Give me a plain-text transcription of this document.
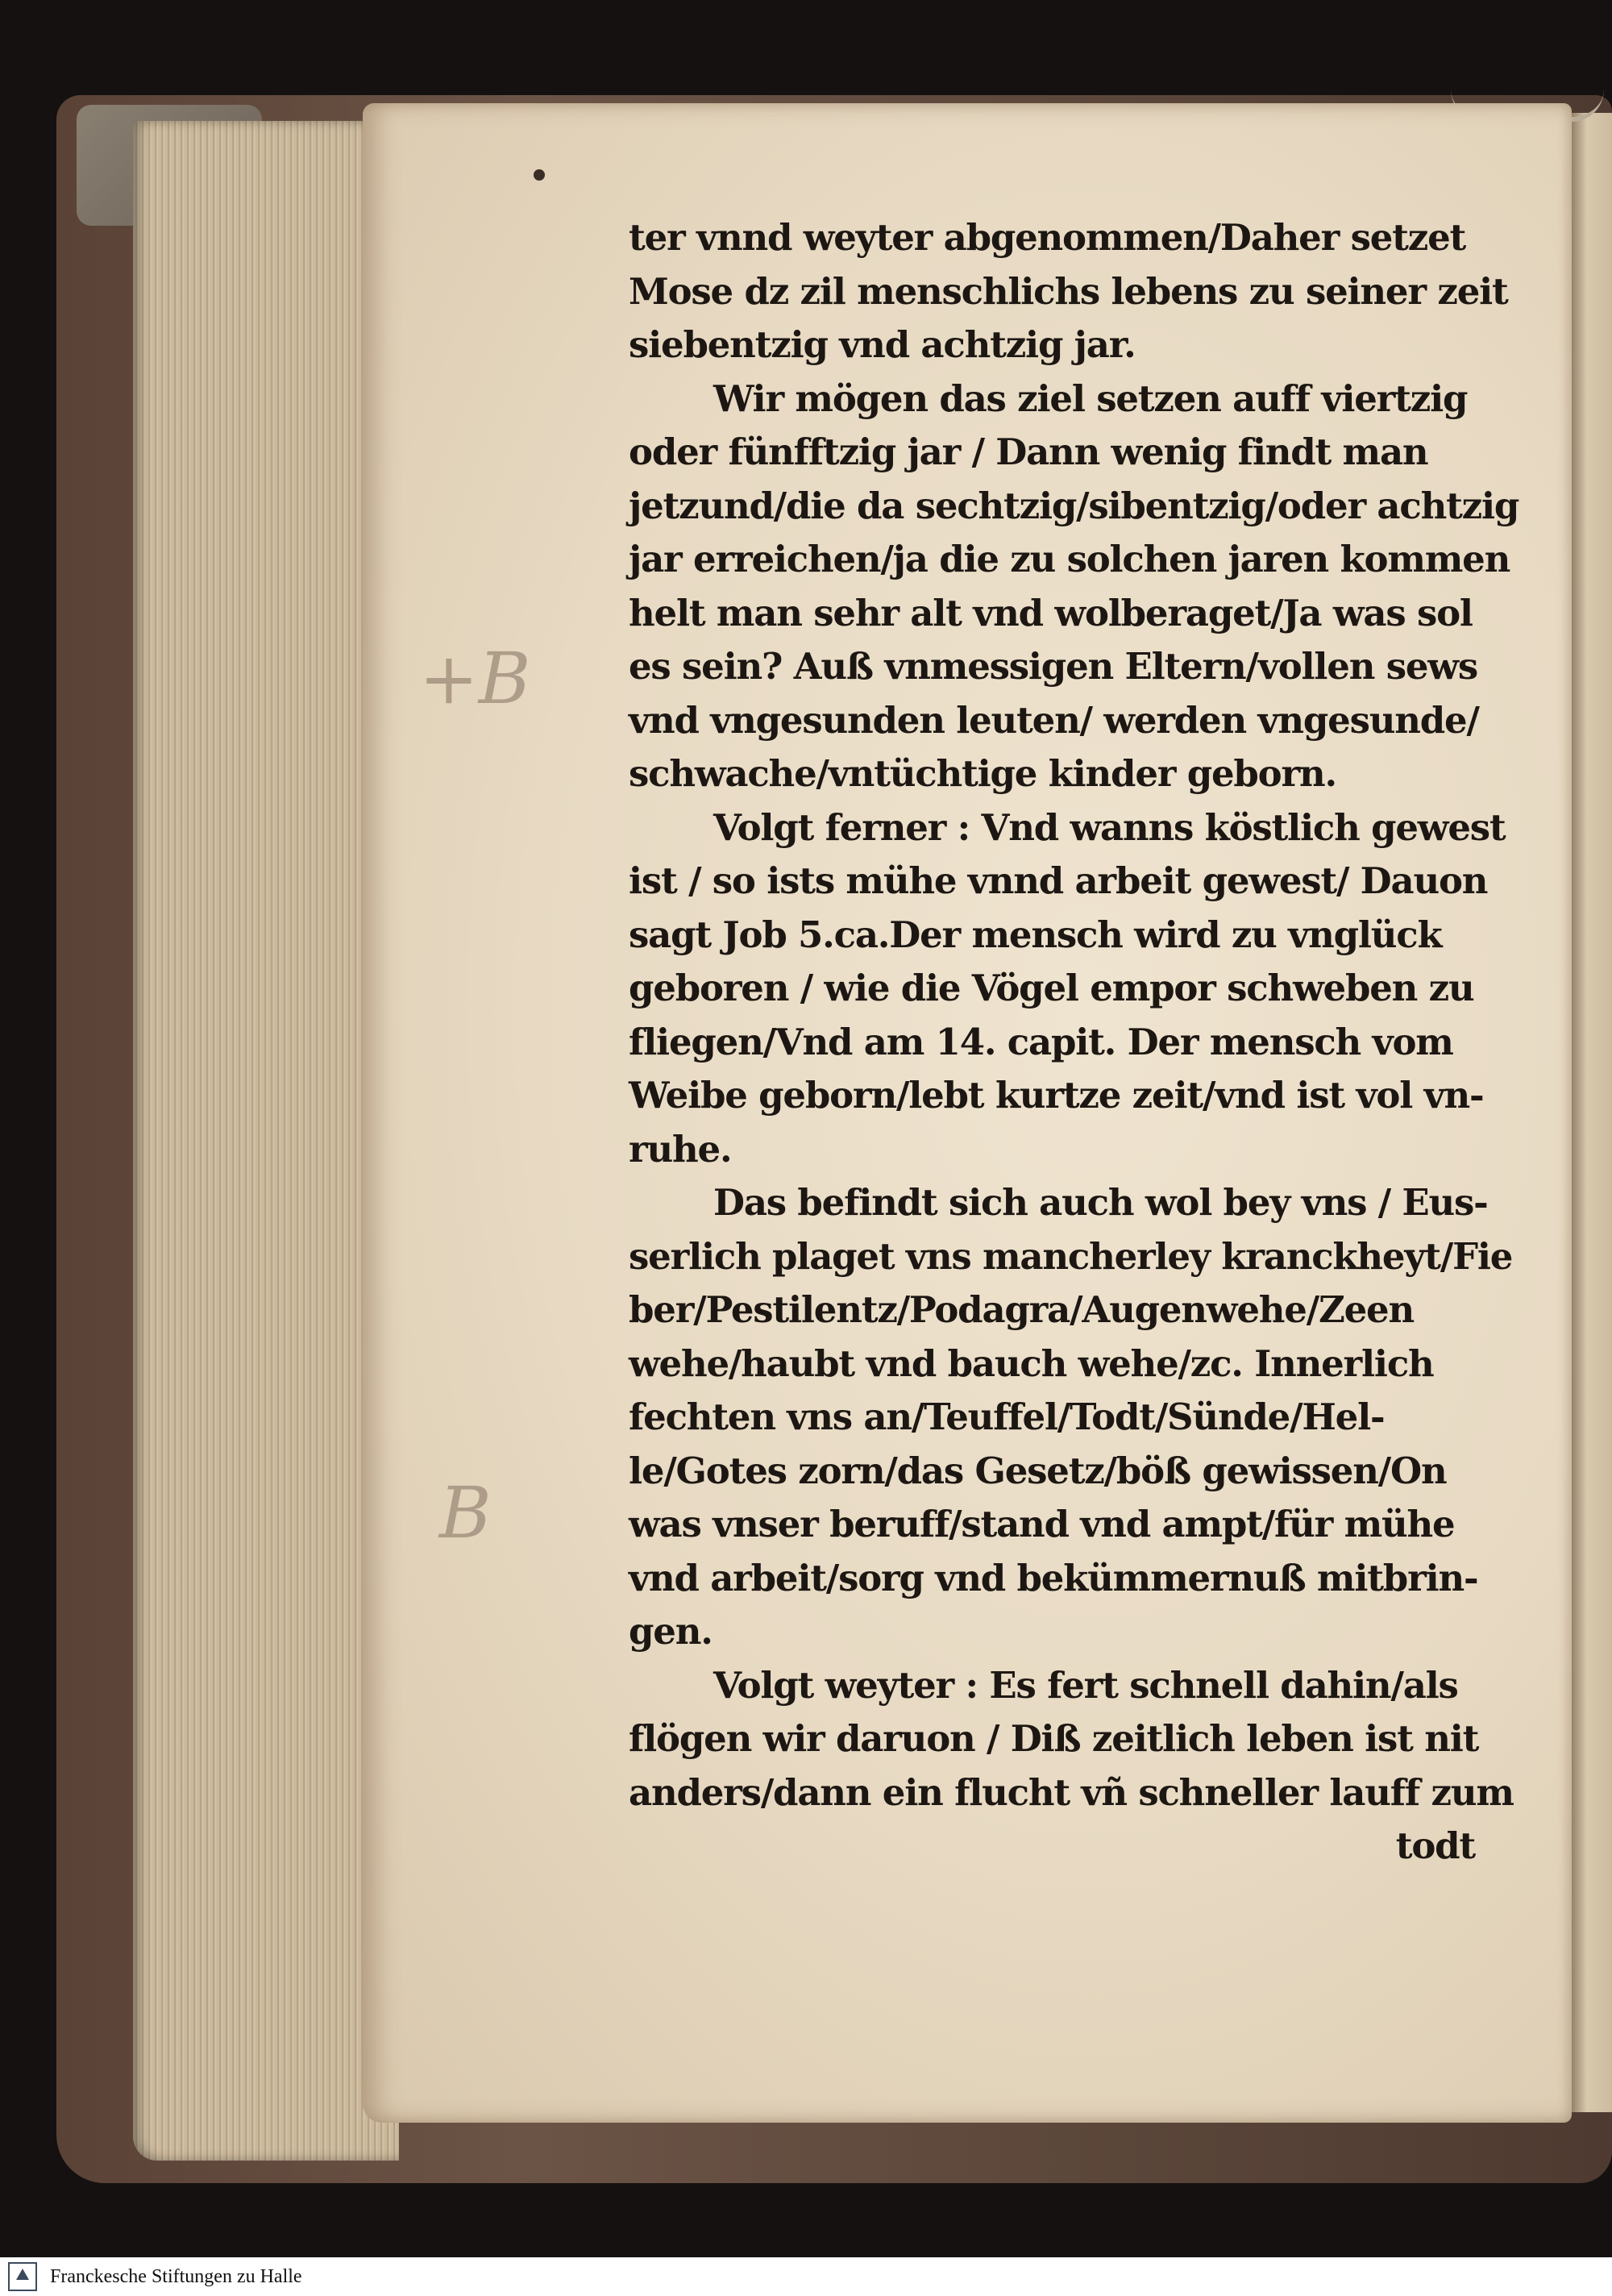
+B
B
ter vnnd weyter abgenommen/Daher setzet
Mose dz zil menschlichs lebens zu seiner zeit
siebentzig vnd achtzig jar.
Wir mögen das ziel setzen auff viertzig
oder fünfftzig jar / Dann wenig findt man
jetzund/die da sechtzig/sibentzig/oder achtzig
jar erreichen/ja die zu solchen jaren kommen
helt man sehr alt vnd wolberaget/Ja was sol
es sein? Auß vnmessigen Eltern/vollen sews
vnd vngesunden leuten/ werden vngesunde/
schwache/vntüchtige kinder geborn.
Volgt ferner : Vnd wanns köstlich gewest
ist / so ists mühe vnnd arbeit gewest/ Dauon
sagt Job 5.ca.Der mensch wird zu vnglück
geboren / wie die Vögel empor schweben zu
fliegen/Vnd am 14. capit. Der mensch vom
Weibe geborn/lebt kurtze zeit/vnd ist vol vn-
ruhe.
Das befindt sich auch wol bey vns / Eus-
serlich plaget vns mancherley kranckheyt/Fie
ber/Pestilentz/Podagra/Augenwehe/Zeen
wehe/haubt vnd bauch wehe/zc. Innerlich
fechten vns an/Teuffel/Todt/Sünde/Hel-
le/Gotes zorn/das Gesetz/böß gewissen/On
was vnser beruff/stand vnd ampt/für mühe
vnd arbeit/sorg vnd bekümmernuß mitbrin-
gen.
Volgt weyter : Es fert schnell dahin/als
flögen wir daruon / Diß zeitlich leben ist nit
anders/dann ein flucht vñ schneller lauff zum
todt
Franckesche Stiftungen zu Halle
